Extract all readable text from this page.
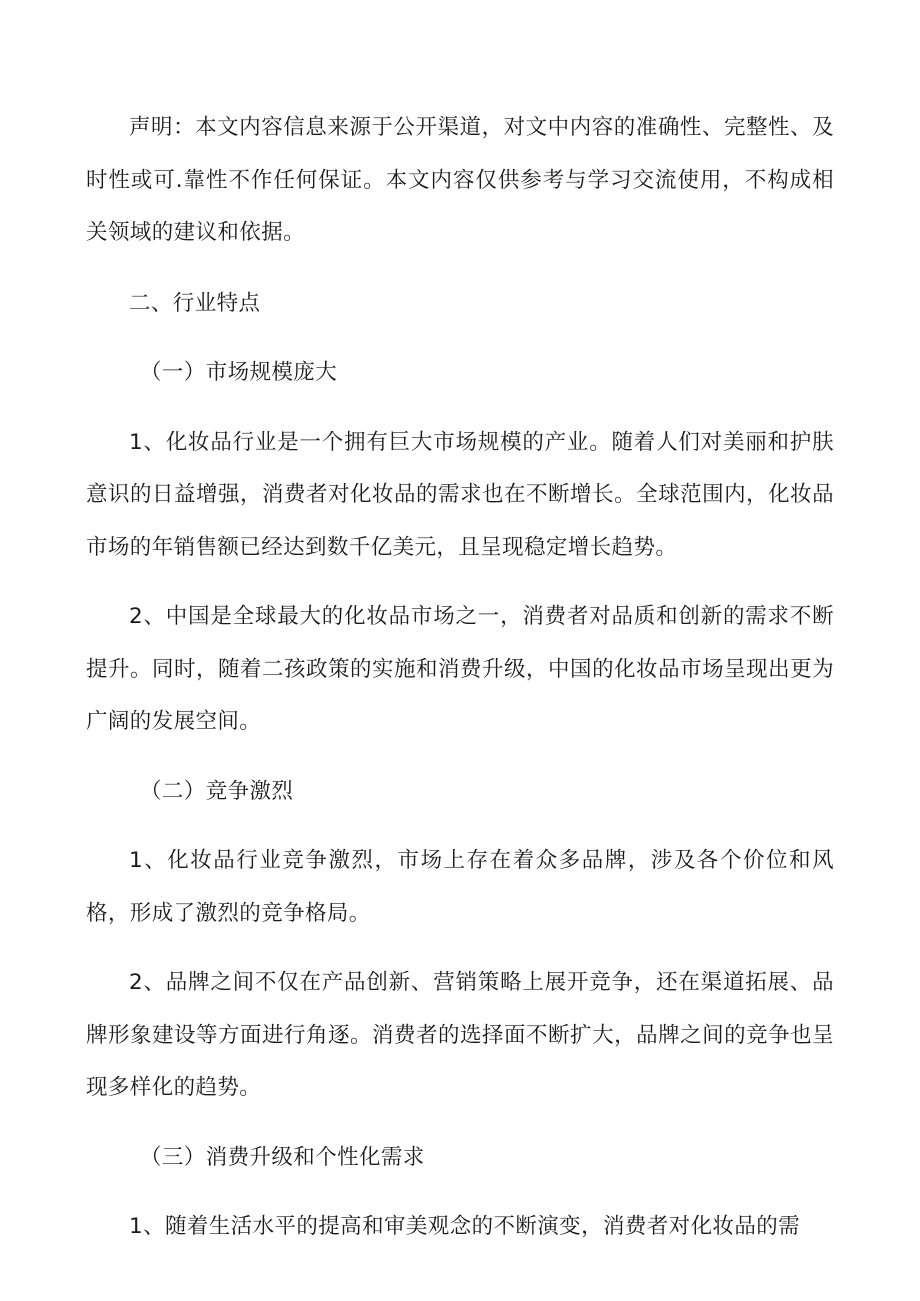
声明：本文内容信息来源于公开渠道，对文中内容的准确性、完整性、及时性或可.靠性不作任何保证。本文内容仅供参考与学习交流使用，不构成相关领域的建议和依据。

二、行业特点

（一）市场规模庞大

1、化妆品行业是一个拥有巨大市场规模的产业。随着人们对美丽和护肤意识的日益增强，消费者对化妆品的需求也在不断增长。全球范围内，化妆品市场的年销售额已经达到数千亿美元，且呈现稳定增长趋势。

2、中国是全球最大的化妆品市场之一，消费者对品质和创新的需求不断提升。同时，随着二孩政策的实施和消费升级，中国的化妆品市场呈现出更为广阔的发展空间。

（二）竞争激烈

1、化妆品行业竞争激烈，市场上存在着众多品牌，涉及各个价位和风格，形成了激烈的竞争格局。

2、品牌之间不仅在产品创新、营销策略上展开竞争，还在渠道拓展、品牌形象建设等方面进行角逐。消费者的选择面不断扩大，品牌之间的竞争也呈现多样化的趋势。

（三）消费升级和个性化需求

1、随着生活水平的提高和审美观念的不断演变，消费者对化妆品的需
